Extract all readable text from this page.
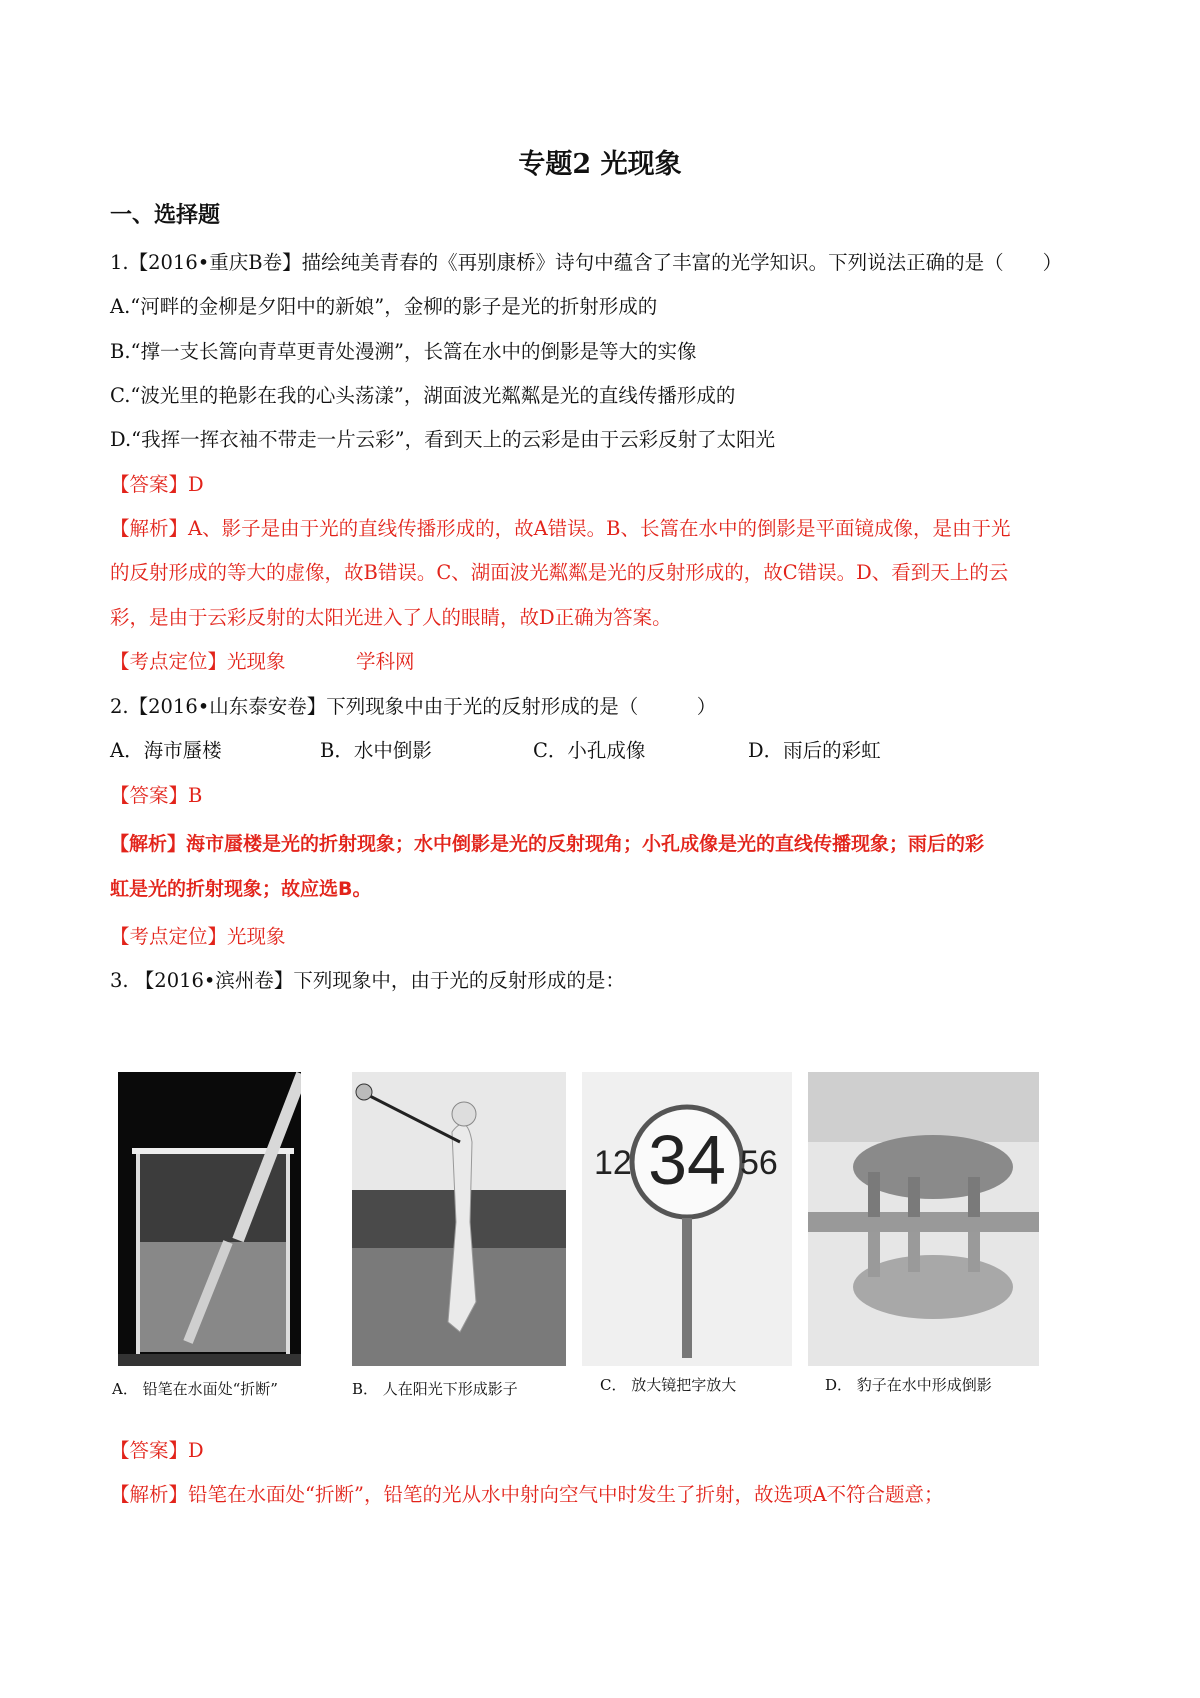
专题2 光现象
一、选择题
1.【2016•重庆B卷】描绘纯美青春的《再别康桥》诗句中蕴含了丰富的光学知识。下列说法正确的是（　　）
A.“河畔的金柳是夕阳中的新娘”，金柳的影子是光的折射形成的
B.“撑一支长篙向青草更青处漫溯”，长篙在水中的倒影是等大的实像
C.“波光里的艳影在我的心头荡漾”，湖面波光粼粼是光的直线传播形成的
D.“我挥一挥衣袖不带走一片云彩”，看到天上的云彩是由于云彩反射了太阳光
【答案】D
【解析】A、影子是由于光的直线传播形成的，故A错误。B、长篙在水中的倒影是平面镜成像，是由于光
的反射形成的等大的虚像，故B错误。C、湖面波光粼粼是光的反射形成的，故C错误。D、看到天上的云
彩，是由于云彩反射的太阳光进入了人的眼睛，故D正确为答案。
【考点定位】光现象	学科网
2.【2016•山东泰安卷】下列现象中由于光的反射形成的是（　　　）
A．海市蜃楼	B．水中倒影	C．小孔成像	D．雨后的彩虹
【答案】B
【解析】海市蜃楼是光的折射现象；水中倒影是光的反射现角；小孔成像是光的直线传播现象；雨后的彩
虹是光的折射现象；故应选B。
【考点定位】光现象
3. 【2016•滨州卷】下列现象中，由于光的反射形成的是：
12 34 56
A． 铅笔在水面处“折断”	B． 人在阳光下形成影子	C． 放大镜把字放大	D． 豹子在水中形成倒影
【答案】D
【解析】铅笔在水面处“折断”，铅笔的光从水中射向空气中时发生了折射，故选项A不符合题意；
